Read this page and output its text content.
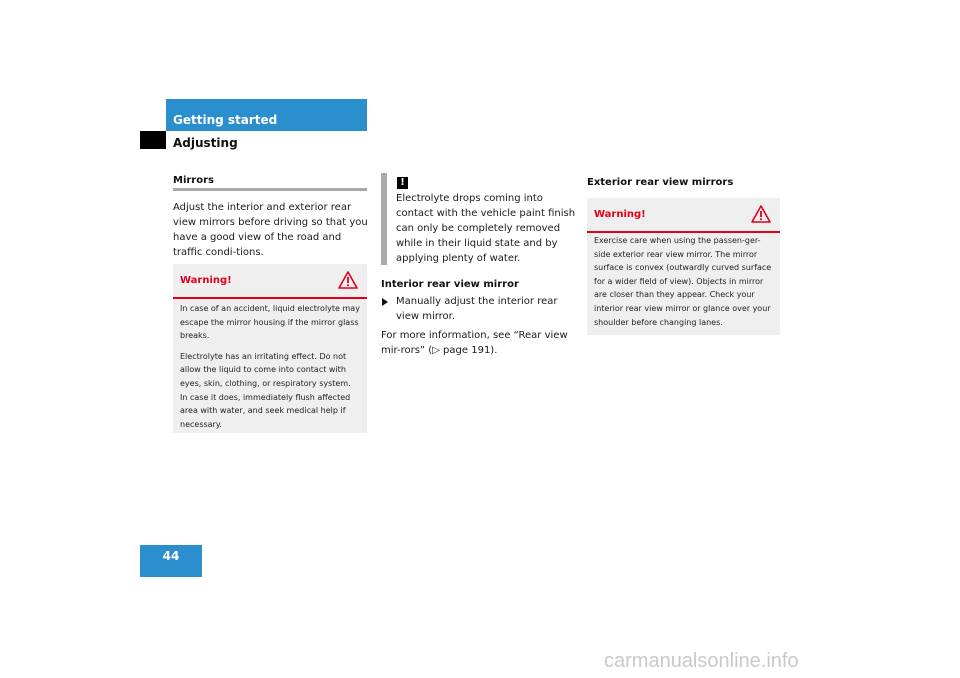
Getting started
Adjusting
Mirrors
Adjust the interior and exterior rear view mirrors before driving so that you have a good view of the road and traffic condi-tions.
Warning!
In case of an accident, liquid electrolyte may escape the mirror housing if the mirror glass breaks.
Electrolyte has an irritating effect. Do not allow the liquid to come into contact with eyes, skin, clothing, or respiratory system. In case it does, immediately flush affected area with water, and seek medical help if necessary.
!
Electrolyte drops coming into contact with the vehicle paint finish can only be completely removed while in their liquid state and by applying plenty of water.
Interior rear view mirror
Manually adjust the interior rear view mirror.
For more information, see “Rear view mir-rors” (▷ page 191).
Exterior rear view mirrors
Warning!
Exercise care when using the passen-ger-side exterior rear view mirror. The mirror surface is convex (outwardly curved surface for a wider field of view). Objects in mirror are closer than they appear. Check your interior rear view mirror or glance over your shoulder before changing lanes.
44
carmanualsonline.info
